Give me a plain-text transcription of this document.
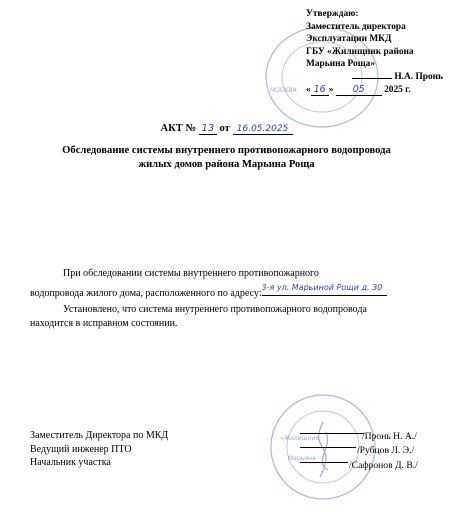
МОСКВА
Утверждаю:
Заместитель директора
Эксплуатации МКД
ГБУ «Жилищник района
Марьина Роща»
Н.А. Пронь
« 16 » 05 2025 г.
АКТ № 13 от 16.05.2025
Обследование системы внутреннего противопожарного водопровода
жилых домов района Марьина Роща
При обследовании системы внутреннего противопожарного
водопровода жилого дома, расположенного по адресу:3-я ул. Марьиной Рощи д. 30
Установлено, что система внутреннего противопожарного водопровода
находится в исправном состоянии.
«Жилищник
Марьина
Заместитель Директора по МКД
Ведущий инженер ПТО
Начальник участка
/Пронь Н. А./
/Рубцов Л. Э./
/Сафронов Д. В./
